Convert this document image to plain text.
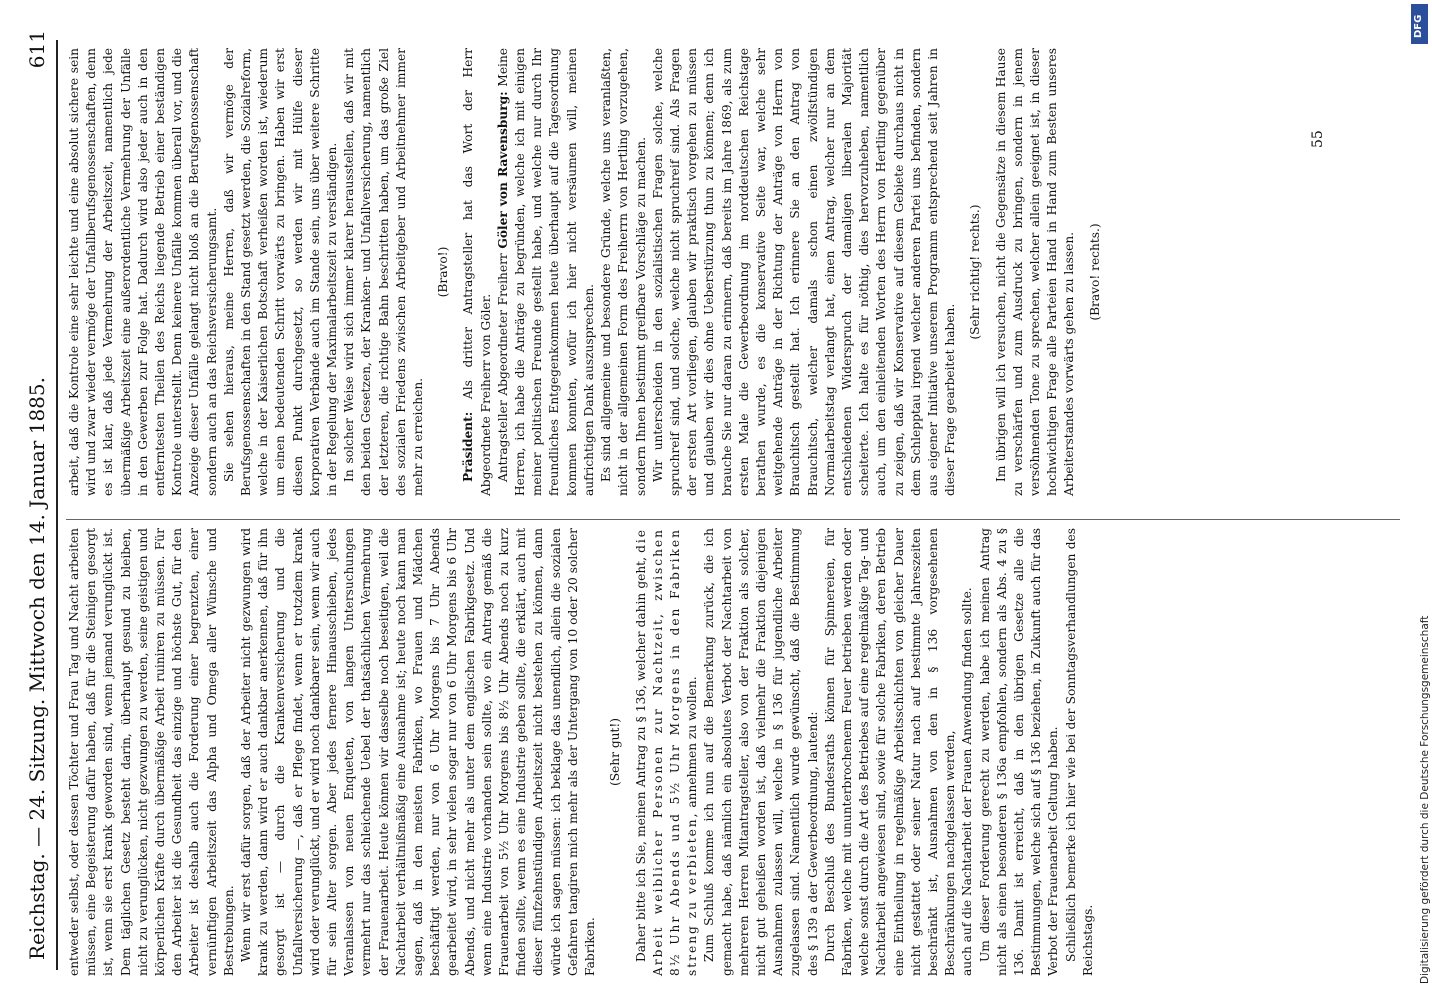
Reichstag. — 24. Sitzung. Mittwoch den 14. Januar 1885.
611

entweder selbst, oder dessen Töchter und Frau Tag und Nacht arbeiten müssen, eine Begeisterung dafür haben, daß für die Steinigen gesorgt ist, wenn sie erst krank geworden sind, wenn jemand verunglückt ist. Dem täglichen Gesetz besteht darin, überhaupt gesund zu bleiben, nicht zu verunglücken, nicht gezwungen zu werden, seine geistigen und körperlichen Kräfte durch übermäßige Arbeit ruiniren zu müssen. Für den Arbeiter ist die Gesundheit das einzige und höchste Gut, für den Arbeiter ist deshalb auch die Forderung einer begrenzten, einer vernünftigen Arbeitszeit das Alpha und Omega aller Wünsche und Bestrebungen. Wenn wir erst dafür sorgen, daß der Arbeiter nicht gezwungen wird krank zu werden, dann wird er auch dankbar anerkennen, daß für ihn gesorgt ist — durch die Krankenversicherung und die Unfallversicherung —, daß er Pflege findet, wenn er trotzdem krank wird oder verunglückt, und er wird noch dankbarer sein, wenn wir auch für sein Alter sorgen. Aber jedes fernere Hinausschieben, jedes Veranlassen von neuen Enqueten, von langen Untersuchungen vermehrt nur das schleichende Uebel der thatsächlichen Vermehrung der Frauenarbeit. Heute können wir dasselbe noch beseitigen, weil die Nachtarbeit verhältnißmäßig eine Ausnahme ist; heute noch kann man sagen, daß in den meisten Fabriken, wo Frauen und Mädchen beschäftigt werden, nur von 6 Uhr Morgens bis 7 Uhr Abends gearbeitet wird, in sehr vielen sogar nur von 6 Uhr Morgens bis 6 Uhr Abends, und nicht mehr als unter dem englischen Fabrikgesetz. Und wenn eine Industrie vorhanden sein sollte, wo ein Antrag gemäß die Frauenarbeit von 5½ Uhr Morgens bis 8½ Uhr Abends noch zu kurz finden sollte, wenn es eine Industrie geben sollte, die erklärt, auch mit dieser fünfzehnstündigen Arbeitszeit nicht bestehen zu können, dann würde ich sagen müssen: ich beklage das unendlich, allein die sozialen Gefahren tangiren mich mehr als der Untergang von 10 oder 20 solcher Fabriken.

(Sehr gut!) Daher bitte ich Sie, meinen Antrag zu § 136, welcher dahin geht, die Arbeit weiblicher Personen zur Nachtzeit, zwischen 8½ Uhr Abends und 5½ Uhr Morgens in den Fabriken streng zu verbieten, annehmen zu wollen. Zum Schluß komme ich nun auf die Bemerkung zurück, die ich gemacht habe, daß nämlich ein absolutes Verbot der Nachtarbeit von mehreren Herren Mitantragsteller, also von der Fraktion als solcher, nicht gut geheißen worden ist, daß vielmehr die Fraktion diejenigen Ausnahmen zulassen will, welche in § 136 für jugendliche Arbeiter zugelassen sind. Namentlich wurde gewünscht, daß die Bestimmung des § 139 a der Gewerbeordnung, lautend: Durch Beschluß des Bundesraths können für Spinnereien, für Fabriken, welche mit ununterbrochenem Feuer betrieben werden oder welche sonst durch die Art des Betriebes auf eine regelmäßige Tag- und Nachtarbeit angewiesen sind, sowie für solche Fabriken, deren Betrieb eine Eintheilung in regelmäßige Arbeitsschichten von gleicher Dauer nicht gestattet oder seiner Natur nach auf bestimmte Jahreszeiten beschränkt ist, Ausnahmen von den in § 136 vorgesehenen Beschränkungen nachgelassen werden, auch auf die Nachtarbeit der Frauen Anwendung finden sollte. Um dieser Forderung gerecht zu werden, habe ich meinen Antrag nicht als einen besonderen § 136a empfohlen, sondern als Abs. 4 zu § 136. Damit ist erreicht, daß in den übrigen Gesetze alle die Bestimmungen, welche sich auf § 136 beziehen, in Zukunft auch für das Verbot der Frauenarbeit Geltung haben. Schließlich bemerke ich hier wie bei der Sonntagsverhandlungen des Reichstags.

arbeit, daß die Kontrole eine sehr leichte und eine absolut sichere sein wird und zwar wieder vermöge der Unfallberufsgenossenschaften, denn es ist klar, daß jede Vermehrung der Arbeitszeit, namentlich jede übermäßige Arbeitszeit eine außerordentliche Vermehrung der Unfälle in den Gewerben zur Folge hat. Dadurch wird also jeder auch in den entferntesten Theilen des Reichs liegende Betrieb einer beständigen Kontrole unterstellt. Denn keinere Unfälle kommen überall vor, und die Anzeige dieser Unfälle gelangt nicht bloß an die Berufsgenossenschaft sondern auch an das Reichsversicherungsamt. Sie sehen hieraus, meine Herren, daß wir vermöge der Berufsgenossenschaften in den Stand gesetzt werden, die Sozialreform, welche in der Kaiserlichen Botschaft verheißen worden ist, wiederum um einen bedeutenden Schritt vorwärts zu bringen. Haben wir erst diesen Punkt durchgesetzt, so werden wir mit Hülfe dieser korporativen Verbände auch im Stande sein, uns über weitere Schritte in der Regelung der Maximalarbeitszeit zu verständigen. In solcher Weise wird sich immer klarer herausstellen, daß wir mit den beiden Gesetzen, der Kranken- und Unfallversicherung, namentlich der letzteren, die richtige Bahn beschritten haben, um das große Ziel des sozialen Friedens zwischen Arbeitgeber und Arbeitnehmer immer mehr zu erreichen.

(Bravo!)

Präsident: Als dritter Antragsteller hat das Wort der Herr Abgeordnete Freiherr von Göler. Antragsteller Abgeordneter Freiherr Göler von Ravensburg: Meine Herren, ich habe die Anträge zu begründen, welche ich mit einigen meiner politischen Freunde gestellt habe, und welche nur durch Ihr freundliches Entgegenkommen heute überhaupt auf die Tagesordnung kommen konnten, wofür ich hier nicht versäumen will, meinen aufrichtigen Dank auszusprechen. Es sind allgemeine und besondere Gründe, welche uns veranlaßten, nicht in der allgemeinen Form des Freiherrn von Hertling vorzugehen, sondern Ihnen bestimmt greifbare Vorschläge zu machen. Wir unterscheiden in den sozialistischen Fragen solche, welche spruchreif sind, und solche, welche nicht spruchreif sind. Als Fragen der ersten Art vorliegen, glauben wir praktisch vorgehen zu müssen und glauben wir dies ohne Ueberstürzung thun zu können; denn ich brauche Sie nur daran zu erinnern, daß bereits im Jahre 1869, als zum ersten Male die Gewerbeordnung im norddeutschen Reichstage berathen wurde, es die konservative Seite war, welche sehr weitgehende Anträge in der Richtung der Anträge von Herrn von Brauchitsch gestellt hat. Ich erinnere Sie an den Antrag von Brauchitsch, welcher damals schon einen zwölfstündigen Normalarbeitstag verlangt hat, einen Antrag, welcher nur an dem entschiedenen Widerspruch der damaligen liberalen Majorität scheiterte. Ich halte es für nöthig, dies hervorzuheben, namentlich auch, um den einleitenden Worten des Herrn von Hertling gegenüber zu zeigen, daß wir Konservative auf diesem Gebiete durchaus nicht in dem Schlepptau irgend welcher anderen Partei uns befinden, sondern aus eigener Initiative unserem Programm entsprechend seit Jahren in dieser Frage gearbeitet haben.

(Sehr richtig! rechts.) Im übrigen will ich versuchen, nicht die Gegensätze in diesem Hause zu verschärfen und zum Ausdruck zu bringen, sondern in jenem versöhnenden Tone zu sprechen, welcher allein geeignet ist, in dieser hochwichtigen Frage alle Parteien Hand in Hand zum Besten unseres Arbeiterstandes vorwärts gehen zu lassen. (Bravo! rechts.)

55
Digitalisierung gefördert durch die Deutsche Forschungsgemeinschaft
DFG
